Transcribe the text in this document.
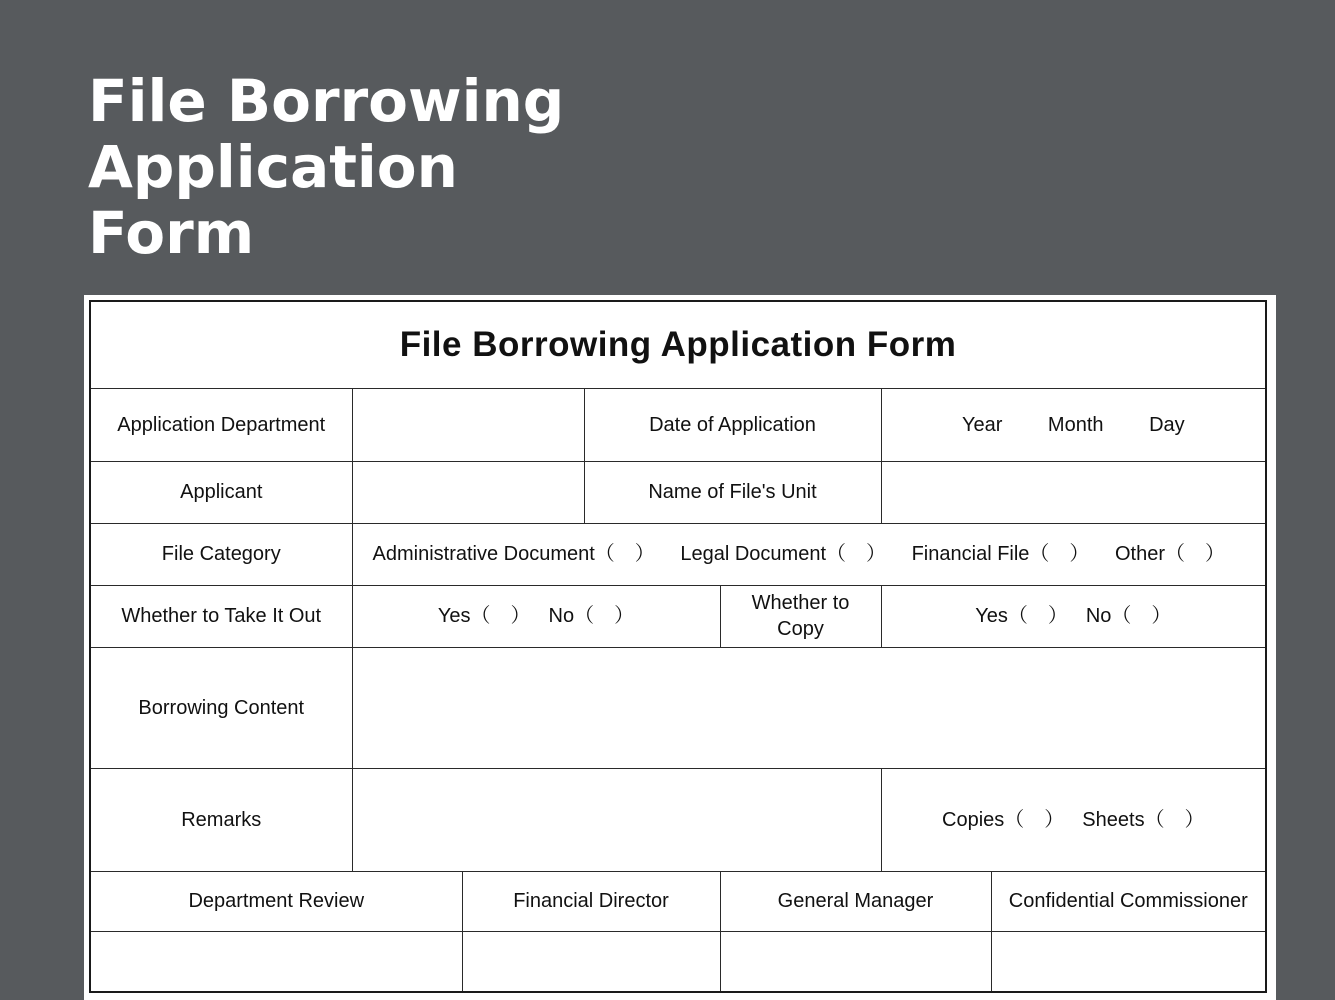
File Borrowing
Application
Form
File Borrowing Application Form						
Application Department			Date of Application		Year Month Day	
Applicant			Name of File's Unit			
File Category	Administrative Document（　） Legal Document（　） Financial File（　） Other（　）					
Whether to Take It Out	Yes（　） No（　）			Whether to Copy	Yes（　） No（　）	

Borrowing Content						
Remarks					Copies（　） Sheets（　）	

Department Review		Financial Director		General Manager		Confidential Commissioner
